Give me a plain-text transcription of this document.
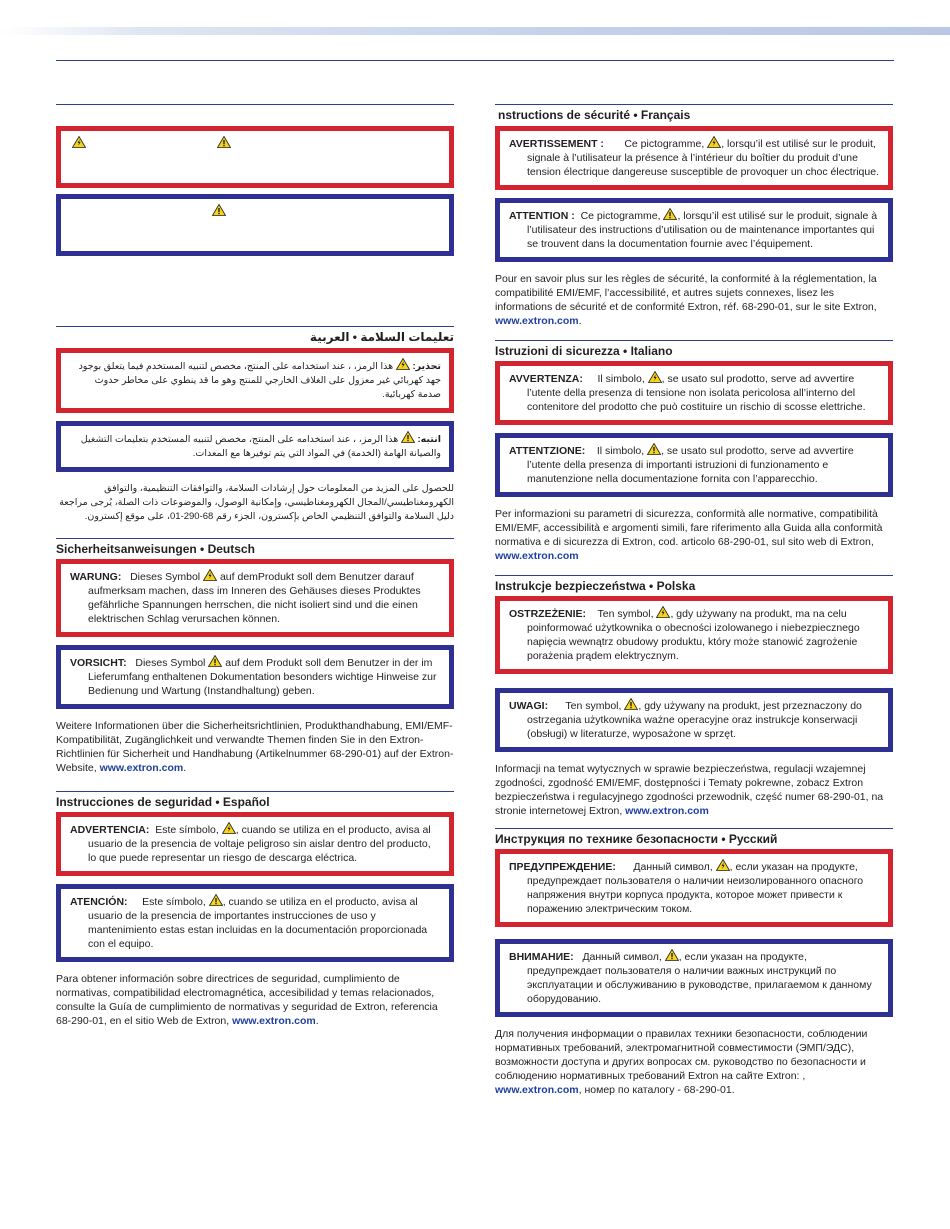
تعليمات السلامة • العربية
تحذير:
هذا الرمز، ، عند استخدامه على المنتج، مخصص لتنبيه المستخدم فيما يتعلق بوجود جهد كهربائي غير معزول على الغلاف الخارجي للمنتج وهو ما قد ينطوي على مخاطر حدوث صدمة كهربائية.
انتبه:
هذا الرمز، ، عند استخدامه على المنتج، مخصص لتنبيه المستخدم بتعليمات التشغيل والصيانة الهامة (الخدمة) في المواد التي يتم توفيرها مع المعدات.
للحصول على المزيد من المعلومات حول إرشادات السلامة، والتوافقات التنظيمية، والتوافق الكهرومغناطيسي/المجال الكهرومغناطيسي، وإمكانية الوصول، والموضوعات ذات الصلة، يُرجى مراجعة دليل السلامة والتوافق التنظيمي الخاص بإكسترون، الجزء رقم 68-290-01، على موقع إكسترون.
Sicherheitsanweisungen • Deutsch
WARUNG: Dieses Symbol auf demProdukt soll dem Benutzer darauf aufmerksam machen, dass im Inneren des Gehäuses dieses Produktes gefährliche Spannungen herrschen, die nicht isoliert sind und die einen elektrischen Schlag verursachen können.
VORSICHT: Dieses Symbol auf dem Produkt soll dem Benutzer in der im Lieferumfang enthaltenen Dokumentation besonders wichtige Hinweise zur Bedienung und Wartung (Instandhaltung) geben.
Weitere Informationen über die Sicherheitsrichtlinien, Produkthandhabung, EMI/EMF-Kompatibilität, Zugänglichkeit und verwandte Themen finden Sie in den Extron-Richtlinien für Sicherheit und Handhabung (Artikelnummer 68-290-01) auf der Extron-Website, www.extron.com.
Instrucciones de seguridad • Español
ADVERTENCIA: Este símbolo, , cuando se utiliza en el producto, avisa al usuario de la presencia de voltaje peligroso sin aislar dentro del producto, lo que puede representar un riesgo de descarga eléctrica.
ATENCIÓN: Este símbolo, , cuando se utiliza en el producto, avisa al usuario de la presencia de importantes instrucciones de uso y mantenimiento estas estan incluidas en la documentación proporcionada con el equipo.
Para obtener información sobre directrices de seguridad, cumplimiento de normativas, compatibilidad electromagnética, accesibilidad y temas relacionados, consulte la Guía de cumplimiento de normativas y seguridad de Extron, referencia 68-290-01, en el sitio Web de Extron, www.extron.com.
nstructions de sécurité • Français
AVERTISSEMENT : Ce pictogramme, , lorsqu’il est utilisé sur le produit, signale à l’utilisateur la présence à l’intérieur du boîtier du produit d’une tension électrique dangereuse susceptible de provoquer un choc électrique.
ATTENTION : Ce pictogramme, , lorsqu’il est utilisé sur le produit, signale à l’utilisateur des instructions d’utilisation ou de maintenance importantes qui se trouvent dans la documentation fournie avec l’équipement.
Pour en savoir plus sur les règles de sécurité, la conformité à la réglementation, la compatibilité EMI/EMF, l’accessibilité, et autres sujets connexes, lisez les informations de sécurité et de conformité Extron, réf. 68-290-01, sur le site Extron, www.extron.com.
Istruzioni di sicurezza • Italiano
AVVERTENZA: Il simbolo, , se usato sul prodotto, serve ad avvertire l’utente della presenza di tensione non isolata pericolosa all’interno del contenitore del prodotto che può costituire un rischio di scosse elettriche.
ATTENTZIONE: Il simbolo, , se usato sul prodotto, serve ad avvertire l’utente della presenza di importanti istruzioni di funzionamento e manutenzione nella documentazione fornita con l’apparecchio.
Per informazioni su parametri di sicurezza, conformità alle normative, compatibilità EMI/EMF, accessibilità e argomenti simili, fare riferimento alla Guida alla conformità normativa e di sicurezza di Extron, cod. articolo 68-290-01, sul sito web di Extron, www.extron.com
Instrukcje bezpieczeństwa • Polska
OSTRZEŻENIE: Ten symbol, , gdy używany na produkt, ma na celu poinformować użytkownika o obecności izolowanego i niebezpiecznego napięcia wewnątrz obudowy produktu, który może stanowić zagrożenie porażenia prądem elektrycznym.
UWAGI: Ten symbol, , gdy używany na produkt, jest przeznaczony do ostrzegania użytkownika ważne operacyjne oraz instrukcje konserwacji (obsługi) w literaturze, wyposażone w sprzęt.
Informacji na temat wytycznych w sprawie bezpieczeństwa, regulacji wzajemnej zgodności, zgodność EMI/EMF, dostępności i Tematy pokrewne, zobacz Extron bezpieczeństwa i regulacyjnego zgodności przewodnik, część numer 68-290-01, na stronie internetowej Extron, www.extron.com
Инструкция по технике безопасности • Русский
ПРЕДУПРЕЖДЕНИЕ: Данный символ, , если указан на продукте, предупреждает пользователя о наличии неизолированного опасного напряжения внутри корпуса продукта, которое может привести к поражению электрическим током.
ВНИМАНИЕ: Данный символ, , если указан на продукте, предупреждает пользователя о наличии важных инструкций по эксплуатации и обслуживанию в руководстве, прилагаемом к данному оборудованию.
Для получения информации о правилах техники безопасности, соблюдении нормативных требований, электромагнитной совместимости (ЭМП/ЭДС), возможности доступа и других вопросах см. руководство по безопасности и соблюдению нормативных требований Extron на сайте Extron: , www.extron.com, номер по каталогу - 68-290-01.
